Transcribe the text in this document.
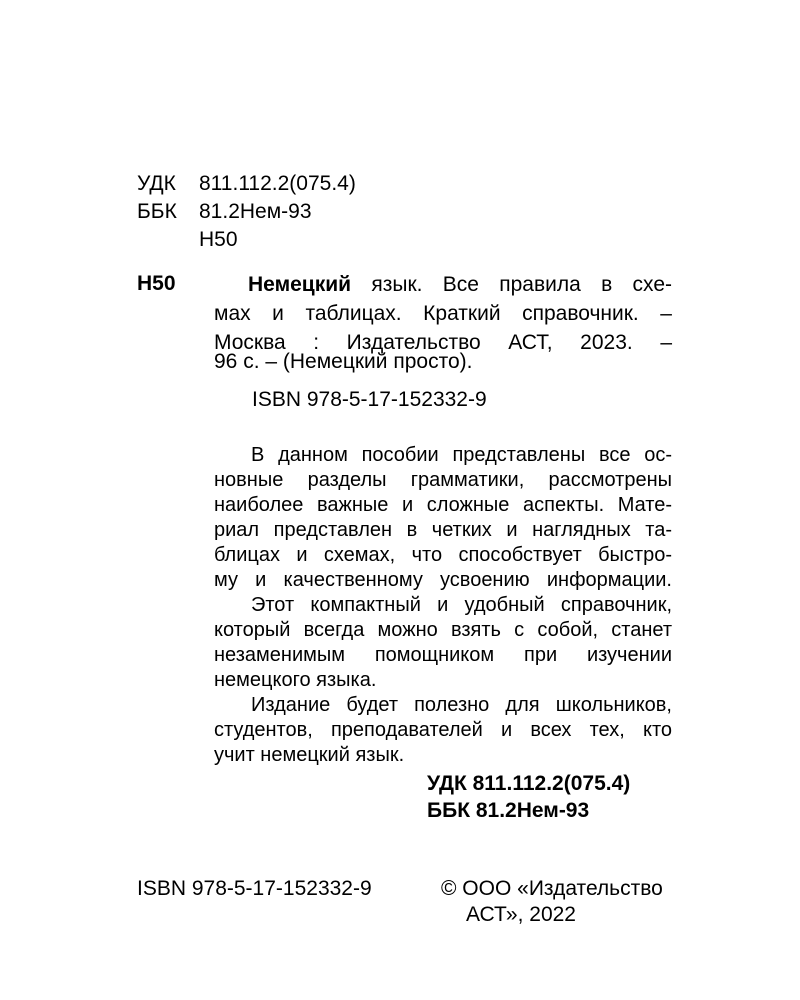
УДК 811.112.2(075.4)
ББК 81.2Нем-93
Н50
Н50	Немецкий язык. Все правила в схе-
мах и таблицах. Краткий справочник. –
Москва : Издательство АСТ, 2023. –
96 с. – (Немецкий просто).
ISBN 978-5-17-152332-9
В данном пособии представлены все ос-
новные разделы грамматики, рассмотрены
наиболее важные и сложные аспекты. Мате-
риал представлен в четких и наглядных та-
блицах и схемах, что способствует быстро-
му и качественному усвоению информации.
Этот компактный и удобный справочник,
который всегда можно взять с собой, станет
незаменимым помощником при изучении
немецкого языка.
Издание будет полезно для школьников,
студентов, преподавателей и всех тех, кто
учит немецкий язык.
УДК 811.112.2(075.4)
ББК 81.2Нем-93
ISBN 978-5-17-152332-9	© ООО «Издательство
АСТ», 2022
